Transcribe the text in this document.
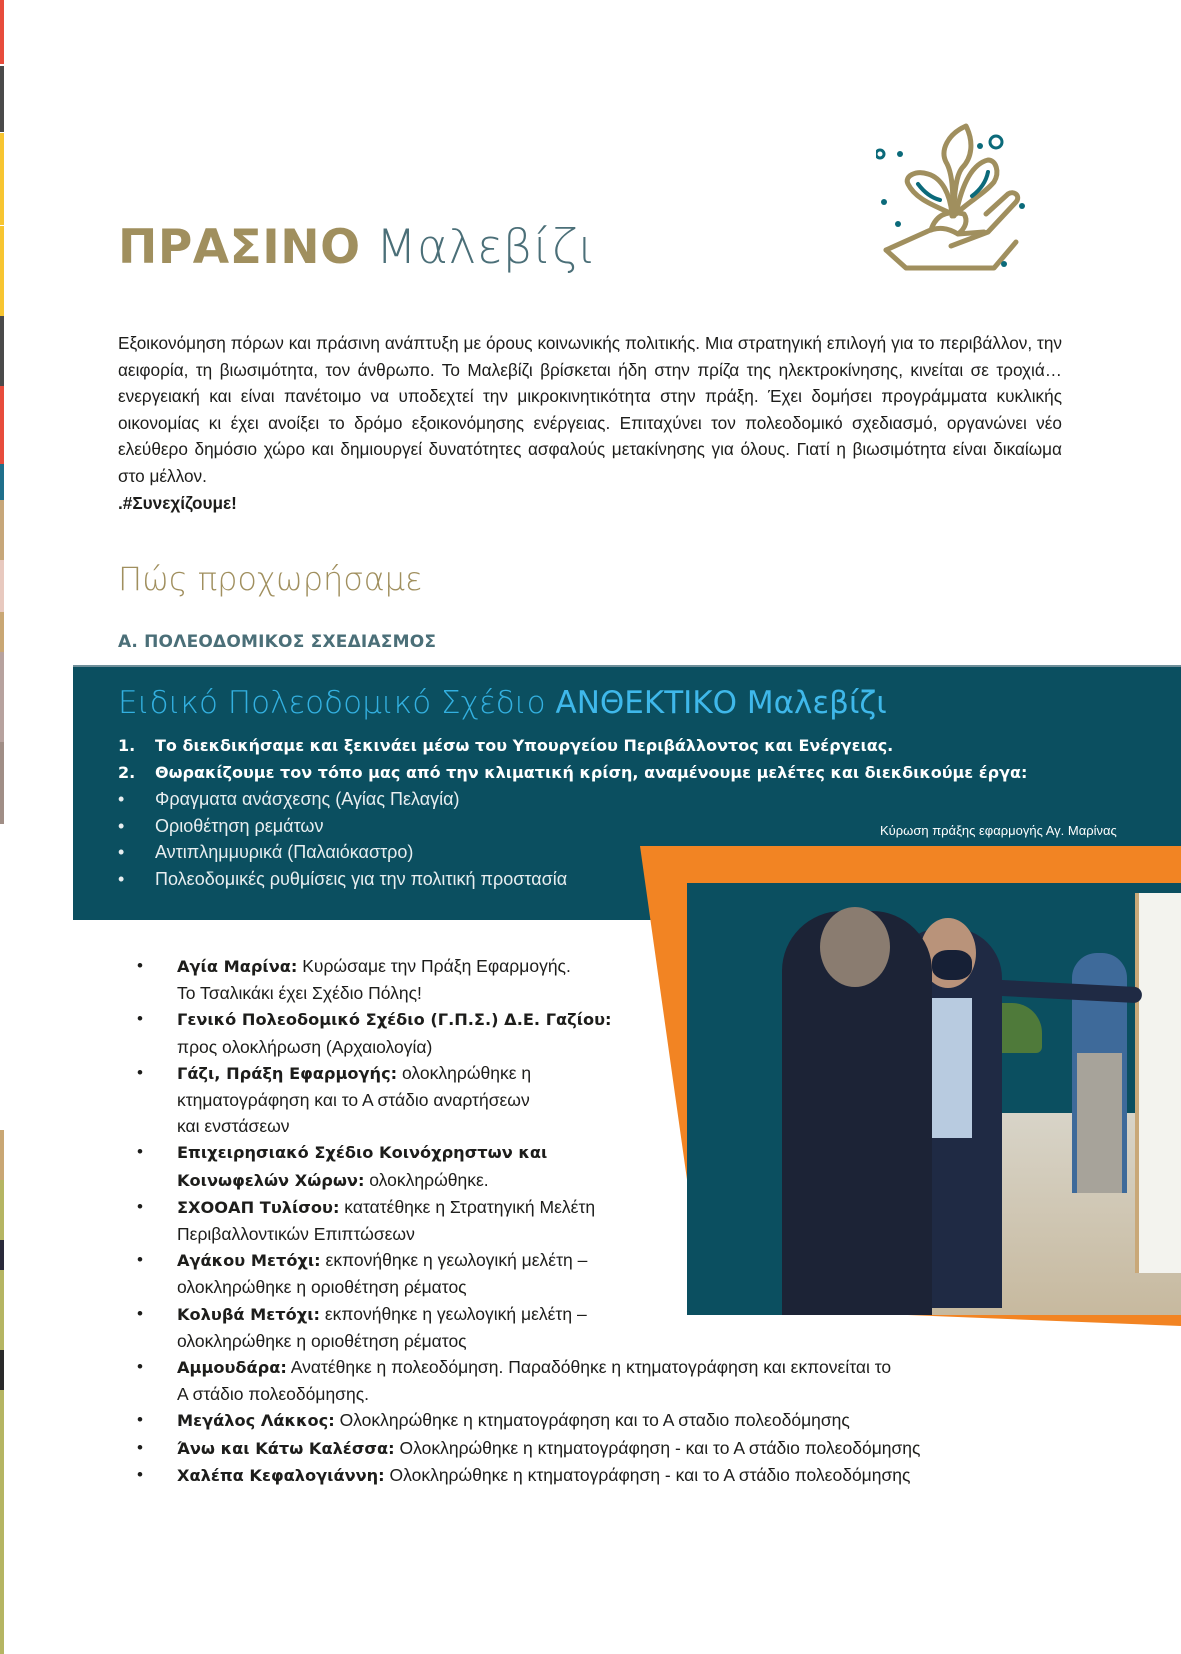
ΠΡΑΣΙΝΟ Μαλεβίζι
Εξοικονόμηση πόρων και πράσινη ανάπτυξη με όρους κοινωνικής πολιτικής. Μια στρατηγική επιλογή για το περιβάλλον, την αειφορία, τη βιωσιμότητα, τον άνθρωπο. Το Μαλεβίζι βρίσκεται ήδη στην πρίζα της ηλεκτροκίνησης, κινείται σε τροχιά…ενεργειακή και είναι πανέτοιμο να υποδεχτεί την μικροκινητικότητα στην πράξη. Έχει δομήσει προγράμματα κυκλικής οικονομίας κι έχει ανοίξει το δρόμο εξοικονόμησης ενέργειας. Επιταχύνει τον πολεοδομικό σχεδιασμό, οργανώνει νέο ελεύθερο δημόσιο χώρο και δημιουργεί δυνατότητες ασφαλούς μετακίνησης για όλους. Γιατί η βιωσιμότητα είναι δικαίωμα στο μέλλον.
.#Συνεχίζουμε!
Πώς προχωρήσαμε
Α. ΠΟΛΕΟΔΟΜΙΚΟΣ ΣΧΕΔΙΑΣΜΟΣ
Ειδικό Πολεοδομικό Σχέδιο ΑΝΘΕΚΤΙΚΟ Μαλεβίζι
1. Το διεκδικήσαμε και ξεκινάει μέσω του Υπουργείου Περιβάλλοντος και Ενέργειας.
2. Θωρακίζουμε τον τόπο μας από την κλιματική κρίση, αναμένουμε μελέτες και διεκδικούμε έργα:
• Φραγματα ανάσχεσης (Αγίας Πελαγία)
• Οριοθέτηση ρεμάτων
• Αντιπλημμυρικά (Παλαιόκαστρο)
• Πολεοδομικές ρυθμίσεις για την πολιτική προστασία
Κύρωση πράξης εφαρμογής Αγ. Μαρίνας
• Αγία Μαρίνα: Κυρώσαμε την Πράξη Εφαρμογής.
Το Τσαλικάκι έχει Σχέδιο Πόλης!
• Γενικό Πολεοδομικό Σχέδιο (Γ.Π.Σ.) Δ.Ε. Γαζίου:
προς ολοκλήρωση (Αρχαιολογία)
• Γάζι, Πράξη Εφαρμογής: ολοκληρώθηκε η
κτηματογράφηση και το Α στάδιο αναρτήσεων
και ενστάσεων
• Επιχειρησιακό Σχέδιο Κοινόχρηστων και
Κοινωφελών Χώρων: ολοκληρώθηκε.
• ΣΧΟΟΑΠ Τυλίσου: κατατέθηκε η Στρατηγική Μελέτη
Περιβαλλοντικών Επιπτώσεων
• Αγάκου Μετόχι: εκπονήθηκε η γεωλογική μελέτη –
ολοκληρώθηκε η οριοθέτηση ρέματος
• Κολυβά Μετόχι: εκπονήθηκε η γεωλογική μελέτη –
ολοκληρώθηκε η οριοθέτηση ρέματος
• Αμμουδάρα: Ανατέθηκε η πολεοδόμηση. Παραδόθηκε η κτηματογράφηση και εκπονείται το
Α στάδιο πολεοδόμησης.
• Μεγάλος Λάκκος: Ολοκληρώθηκε η κτηματογράφηση και το Α σταδιο πολεοδόμησης
• Άνω και Κάτω Καλέσσα: Ολοκληρώθηκε η κτηματογράφηση - και το Α στάδιο πολεοδόμησης
• Χαλέπα Κεφαλογιάννη: Ολοκληρώθηκε η κτηματογράφηση - και το Α στάδιο πολεοδόμησης
